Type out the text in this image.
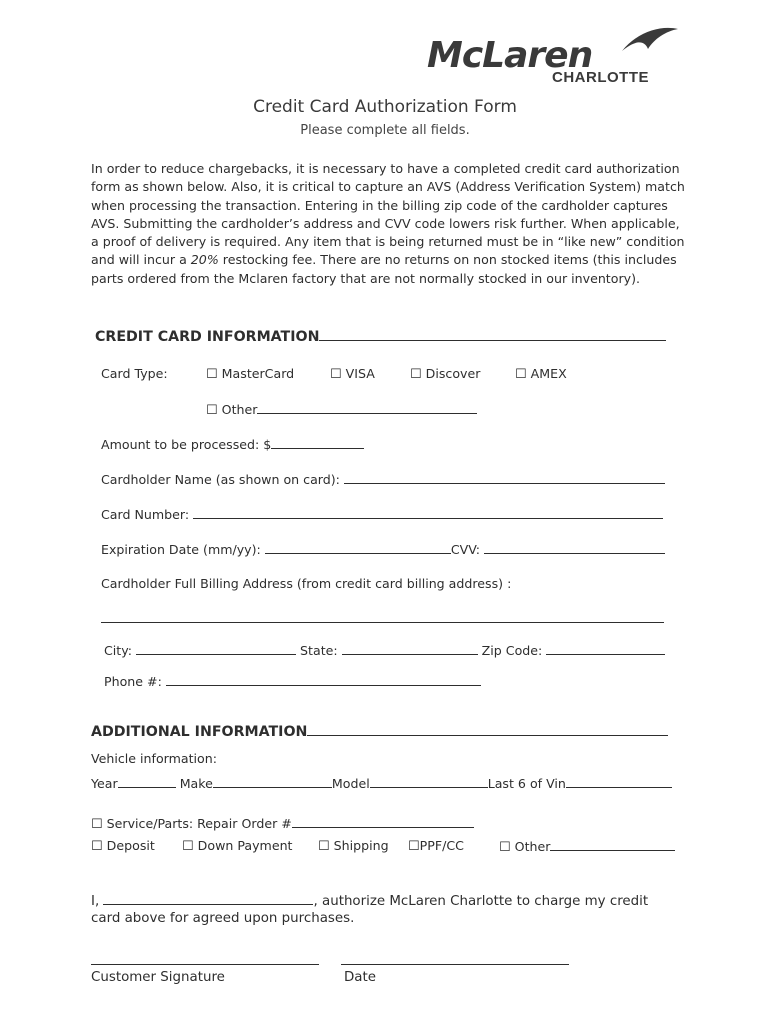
McLaren
CHARLOTTE
Credit Card Authorization Form
Please complete all fields.
In order to reduce chargebacks, it is necessary to have a completed credit card authorization form as shown below. Also, it is critical to capture an AVS (Address Verification System) match when processing the transaction. Entering in the billing zip code of the cardholder captures AVS. Submitting the cardholder’s address and CVV code lowers risk further. When applicable, a proof of delivery is required. Any item that is being returned must be in “like new” condition and will incur a 20% restocking fee. There are no returns on non stocked items (this includes parts ordered from the Mclaren factory that are not normally stocked in our inventory).
CREDIT CARD INFORMATION
Card Type:	☐ MasterCard	☐ VISA	☐ Discover	☐ AMEX
☐ Other
Amount to be processed: $
Cardholder Name (as shown on card):
Card Number:
Expiration Date (mm/yy):	CVV:
Cardholder Full Billing Address (from credit card billing address) :
City:	State:	Zip Code:
Phone #:
ADDITIONAL INFORMATION
Vehicle information:
Year	Make	Model	Last 6 of Vin
☐ Service/Parts: Repair Order #
☐ Deposit ☐ Down Payment ☐ Shipping ☐PPF/CC	☐ Other
I,	, authorize McLaren Charlotte to charge my credit
card above for agreed upon purchases.
Customer Signature	Date
